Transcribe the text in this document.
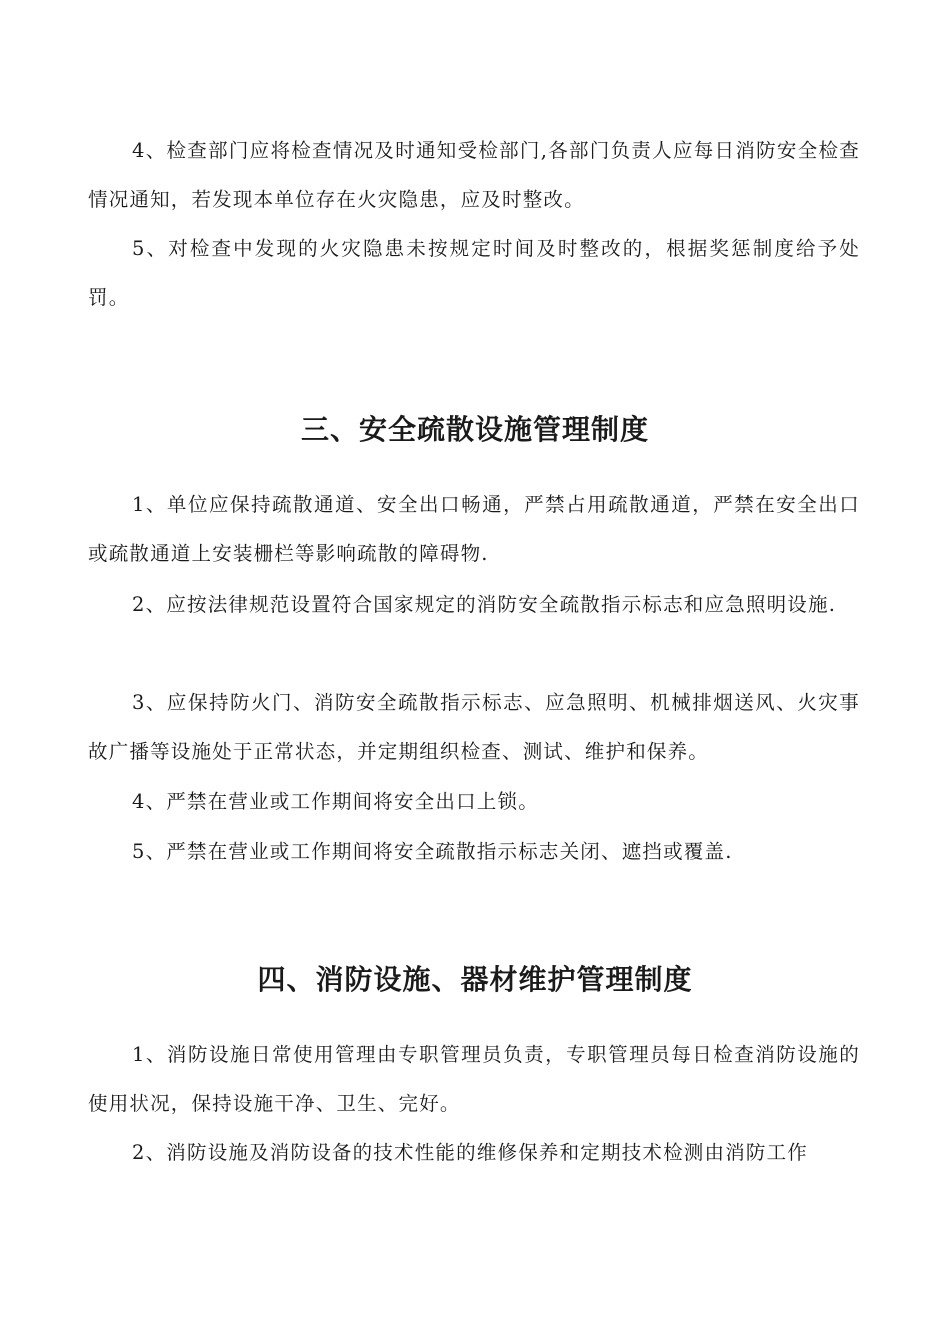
4、检查部门应将检查情况及时通知受检部门,各部门负责人应每日消防安全检查情况通知，若发现本单位存在火灾隐患，应及时整改。

5、对检查中发现的火灾隐患未按规定时间及时整改的，根据奖惩制度给予处罚。

三、安全疏散设施管理制度

1、单位应保持疏散通道、安全出口畅通，严禁占用疏散通道，严禁在安全出口或疏散通道上安装栅栏等影响疏散的障碍物.

2、应按法律规范设置符合国家规定的消防安全疏散指示标志和应急照明设施.

3、应保持防火门、消防安全疏散指示标志、应急照明、机械排烟送风、火灾事故广播等设施处于正常状态，并定期组织检查、测试、维护和保养。

4、严禁在营业或工作期间将安全出口上锁。

5、严禁在营业或工作期间将安全疏散指示标志关闭、遮挡或覆盖.

四、消防设施、器材维护管理制度

1、消防设施日常使用管理由专职管理员负责，专职管理员每日检查消防设施的使用状况，保持设施干净、卫生、完好。

2、消防设施及消防设备的技术性能的维修保养和定期技术检测由消防工作
